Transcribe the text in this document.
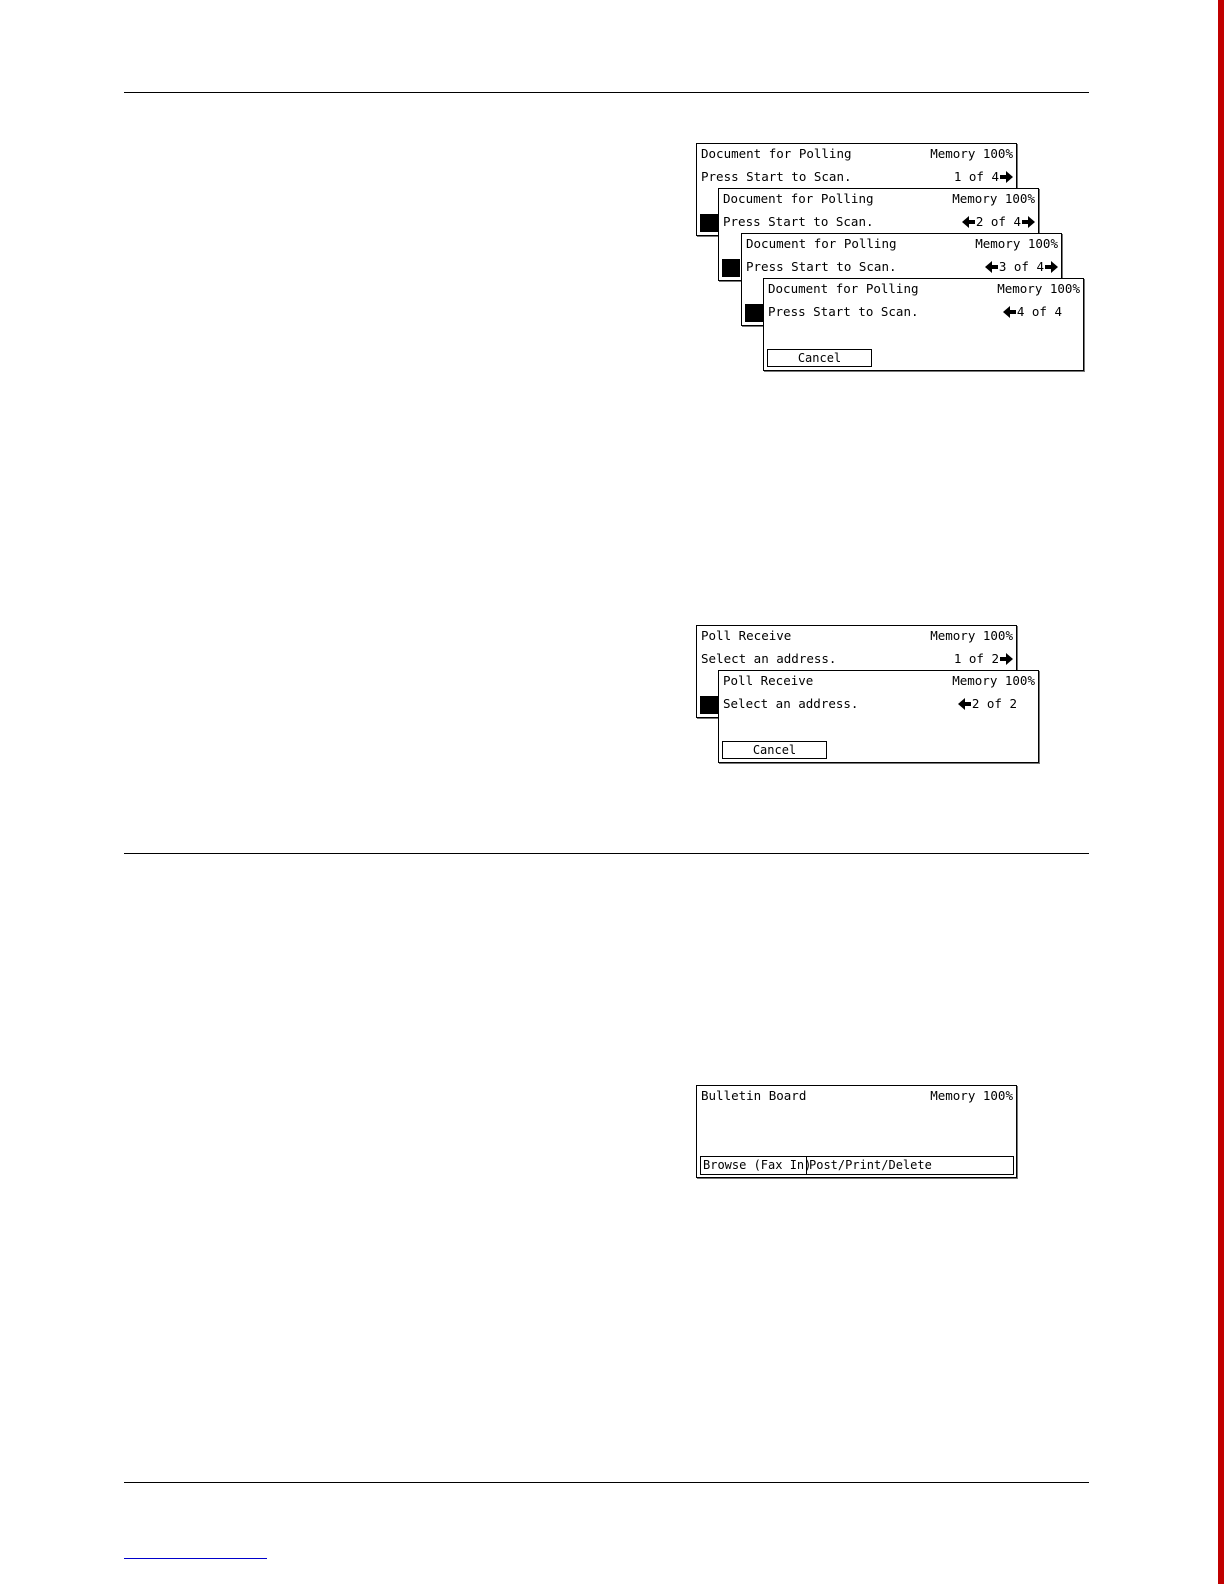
Document for Polling	Memory 100%
Press Start to Scan.	1 of 4
Document for Polling	Memory 100%
Press Start to Scan.	2 of 4
Document for Polling	Memory 100%
Press Start to Scan.	3 of 4
Document for Polling	Memory 100%
Press Start to Scan.	4 of 4
Cancel
Poll Receive	Memory 100%
Select an address.	1 of 2
Poll Receive	Memory 100%
Select an address.	2 of 2
Cancel
Bulletin Board	Memory 100%
Browse (Fax In)
Post/Print/Delete
